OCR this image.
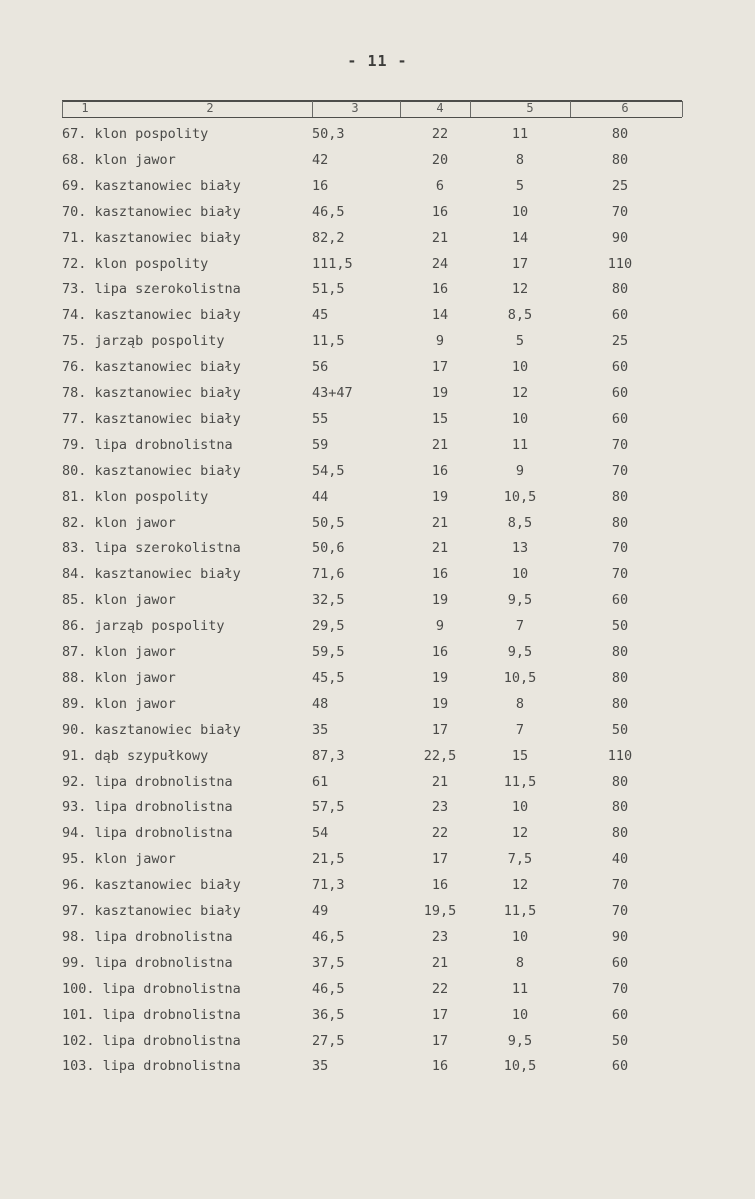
- 11 -
1	2	3	4	5	6
67. klon pospolity	50,3	22	11	80
68. klon jawor	42	20	8	80
69. kasztanowiec biały	16	6	5	25
70. kasztanowiec biały	46,5	16	10	70
71. kasztanowiec biały	82,2	21	14	90
72. klon pospolity	111,5	24	17	110
73. lipa szerokolistna	51,5	16	12	80
74. kasztanowiec biały	45	14	8,5	60
75. jarząb pospolity	11,5	9	5	25
76. kasztanowiec biały	56	17	10	60
78. kasztanowiec biały	43+47	19	12	60
77. kasztanowiec biały	55	15	10	60
79. lipa drobnolistna	59	21	11	70
80. kasztanowiec biały	54,5	16	9	70
81. klon pospolity	44	19	10,5	80
82. klon jawor	50,5	21	8,5	80
83. lipa szerokolistna	50,6	21	13	70
84. kasztanowiec biały	71,6	16	10	70
85. klon jawor	32,5	19	9,5	60
86. jarząb pospolity	29,5	9	7	50
87. klon jawor	59,5	16	9,5	80
88. klon jawor	45,5	19	10,5	80
89. klon jawor	48	19	8	80
90. kasztanowiec biały	35	17	7	50
91. dąb szypułkowy	87,3	22,5	15	110
92. lipa drobnolistna	61	21	11,5	80
93. lipa drobnolistna	57,5	23	10	80
94. lipa drobnolistna	54	22	12	80
95. klon jawor	21,5	17	7,5	40
96. kasztanowiec biały	71,3	16	12	70
97. kasztanowiec biały	49	19,5	11,5	70
98. lipa drobnolistna	46,5	23	10	90
99. lipa drobnolistna	37,5	21	8	60
100. lipa drobnolistna	46,5	22	11	70
101. lipa drobnolistna	36,5	17	10	60
102. lipa drobnolistna	27,5	17	9,5	50
103. lipa drobnolistna	35	16	10,5	60
